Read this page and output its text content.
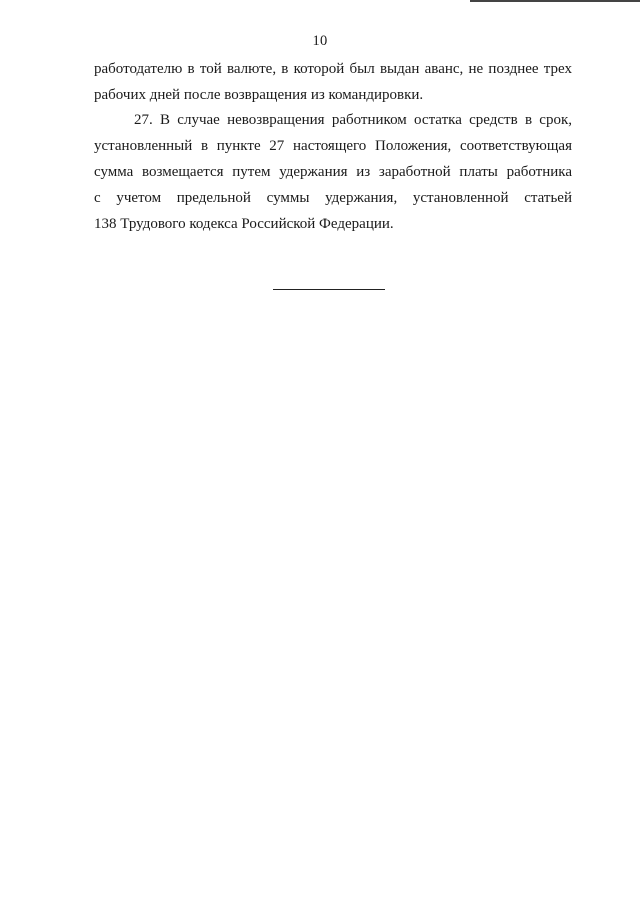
10
работодателю в той валюте, в которой был выдан аванс, не позднее трех
рабочих дней после возвращения из командировки.
27. В случае невозвращения работником остатка средств в срок,
установленный в пункте 27 настоящего Положения, соответствующая
сумма возмещается путем удержания из заработной платы работника
с учетом предельной суммы удержания, установленной статьей
138 Трудового кодекса Российской Федерации.
